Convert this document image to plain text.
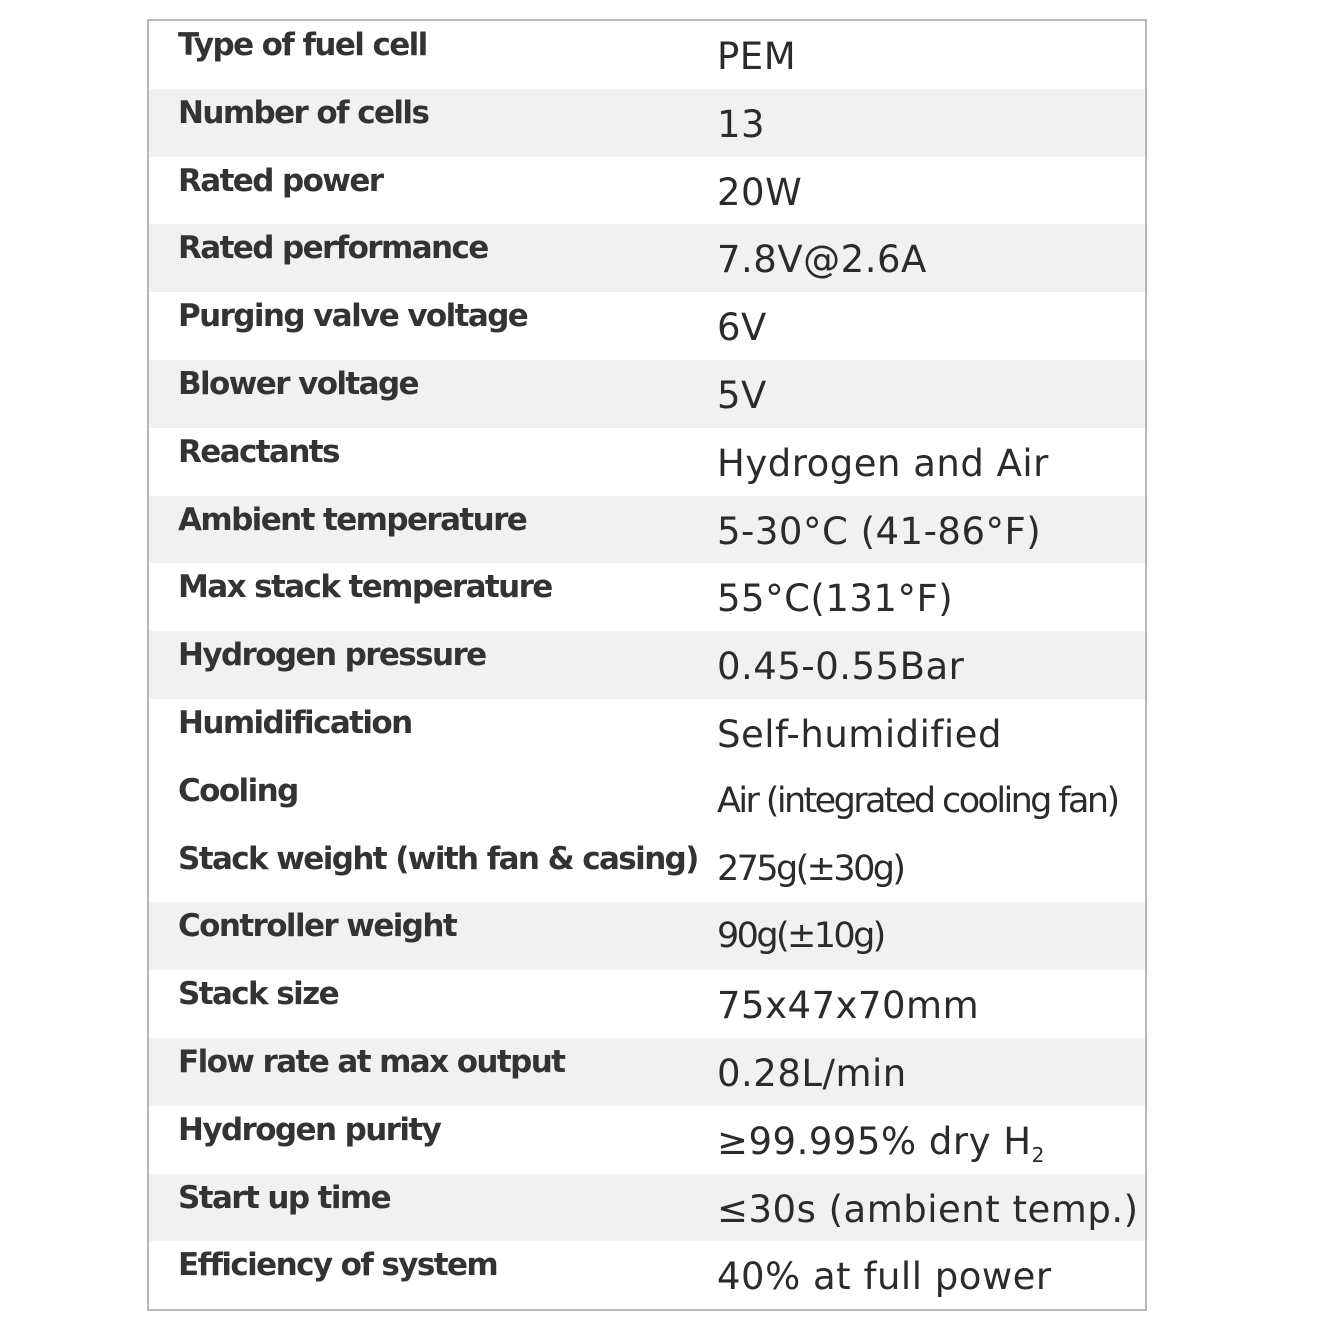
Type of fuel cell	PEM
Number of cells	13
Rated power	20W
Rated performance	7.8V@2.6A
Purging valve voltage	6V
Blower voltage	5V
Reactants	Hydrogen and Air
Ambient temperature	5-30°C (41-86°F)
Max stack temperature	55°C(131°F)
Hydrogen pressure	0.45-0.55Bar
Humidification	Self-humidified
Cooling	Air (integrated cooling fan)
Stack weight (with fan & casing) 275g(±30g)
Controller weight	90g(±10g)
Stack size	75x47x70mm
Flow rate at max output	0.28L/min
Hydrogen purity	≥99.995% dry $H_2$
Start up time	≤30s (ambient temp.)
Efficiency of system	40% at full power
